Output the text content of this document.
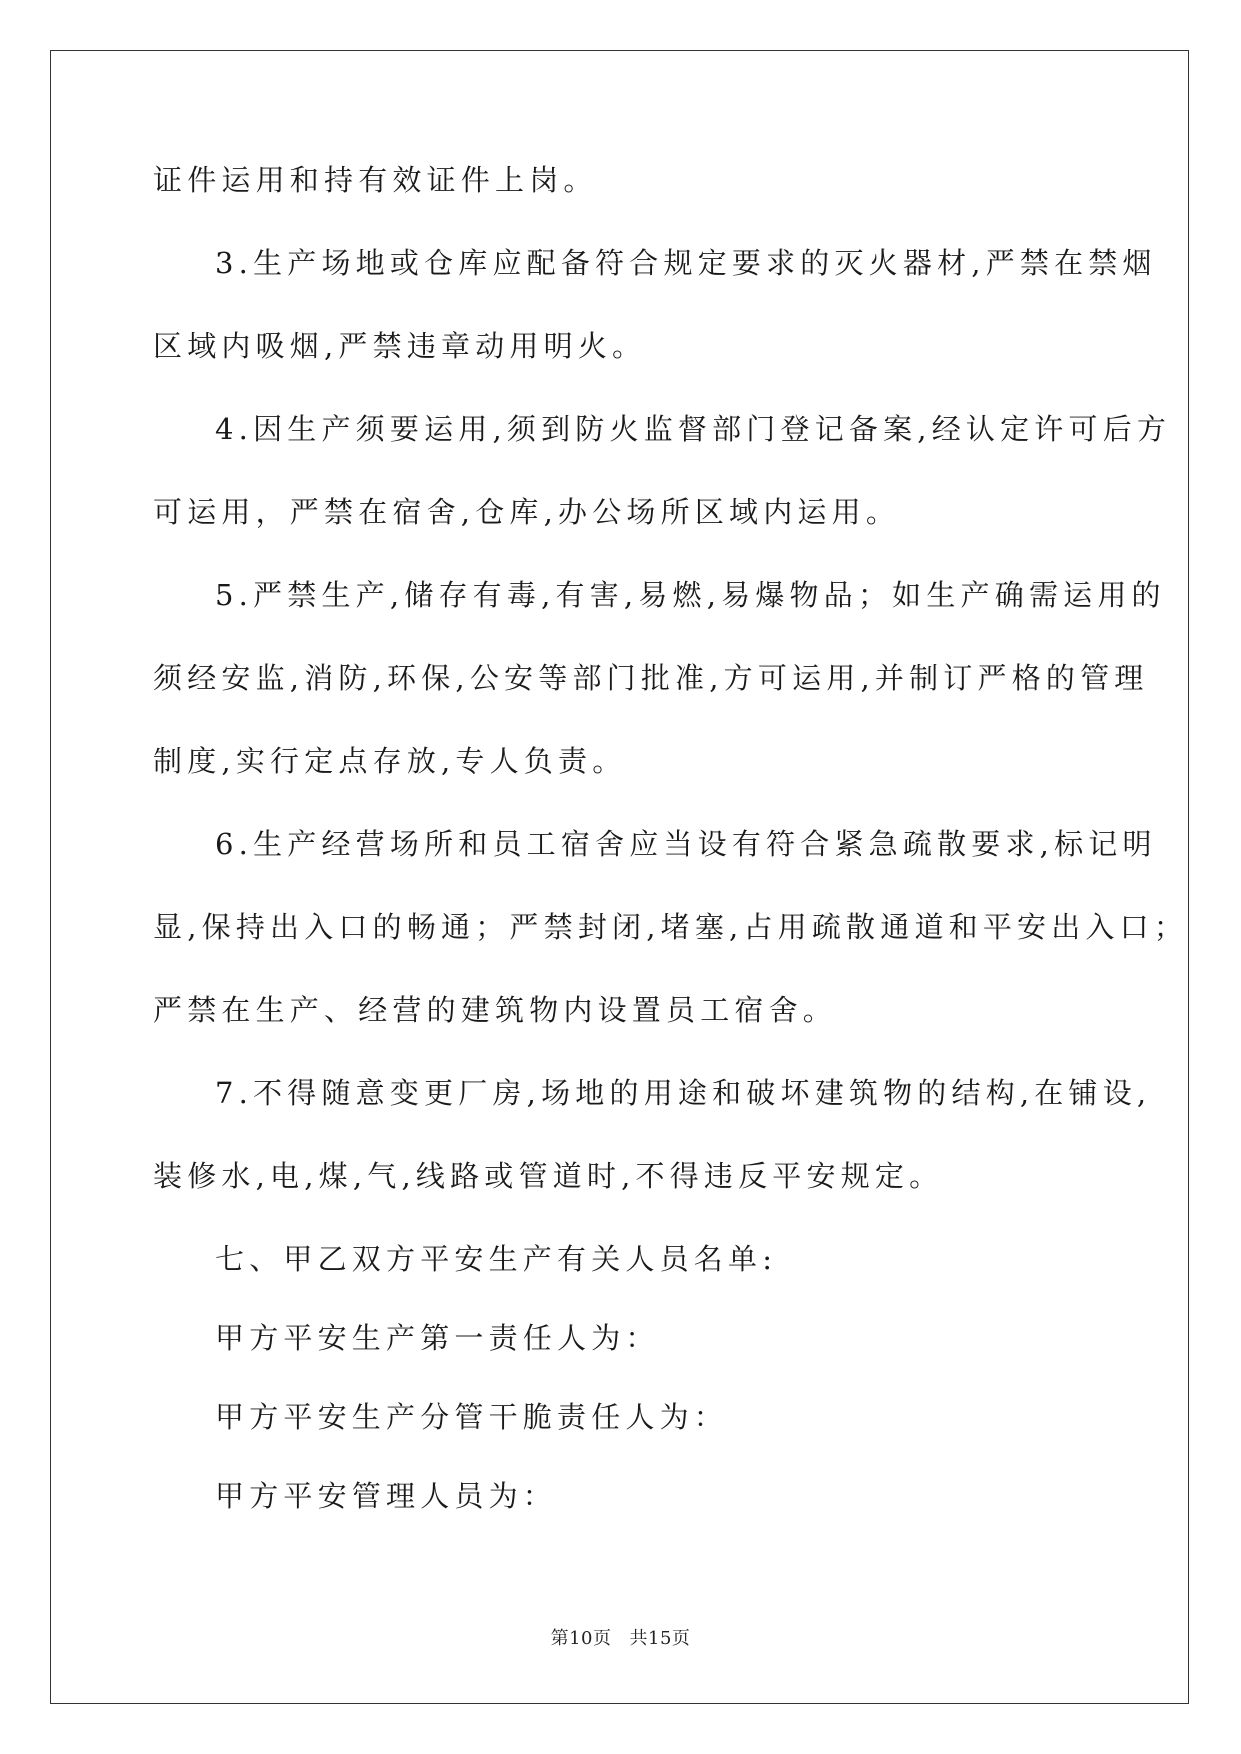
证件运用和持有效证件上岗。

3.生产场地或仓库应配备符合规定要求的灭火器材,严禁在禁烟

区域内吸烟,严禁违章动用明火。

4.因生产须要运用,须到防火监督部门登记备案,经认定许可后方

可运用，严禁在宿舍,仓库,办公场所区域内运用。

5.严禁生产,储存有毒,有害,易燃,易爆物品；如生产确需运用的

须经安监,消防,环保,公安等部门批准,方可运用,并制订严格的管理

制度,实行定点存放,专人负责。

6.生产经营场所和员工宿舍应当设有符合紧急疏散要求,标记明

显,保持出入口的畅通；严禁封闭,堵塞,占用疏散通道和平安出入口；

严禁在生产、经营的建筑物内设置员工宿舍。

7.不得随意变更厂房,场地的用途和破坏建筑物的结构,在铺设,

装修水,电,煤,气,线路或管道时,不得违反平安规定。

七、甲乙双方平安生产有关人员名单:

甲方平安生产第一责任人为：

甲方平安生产分管干脆责任人为：

甲方平安管理人员为：

第10页 共15页
